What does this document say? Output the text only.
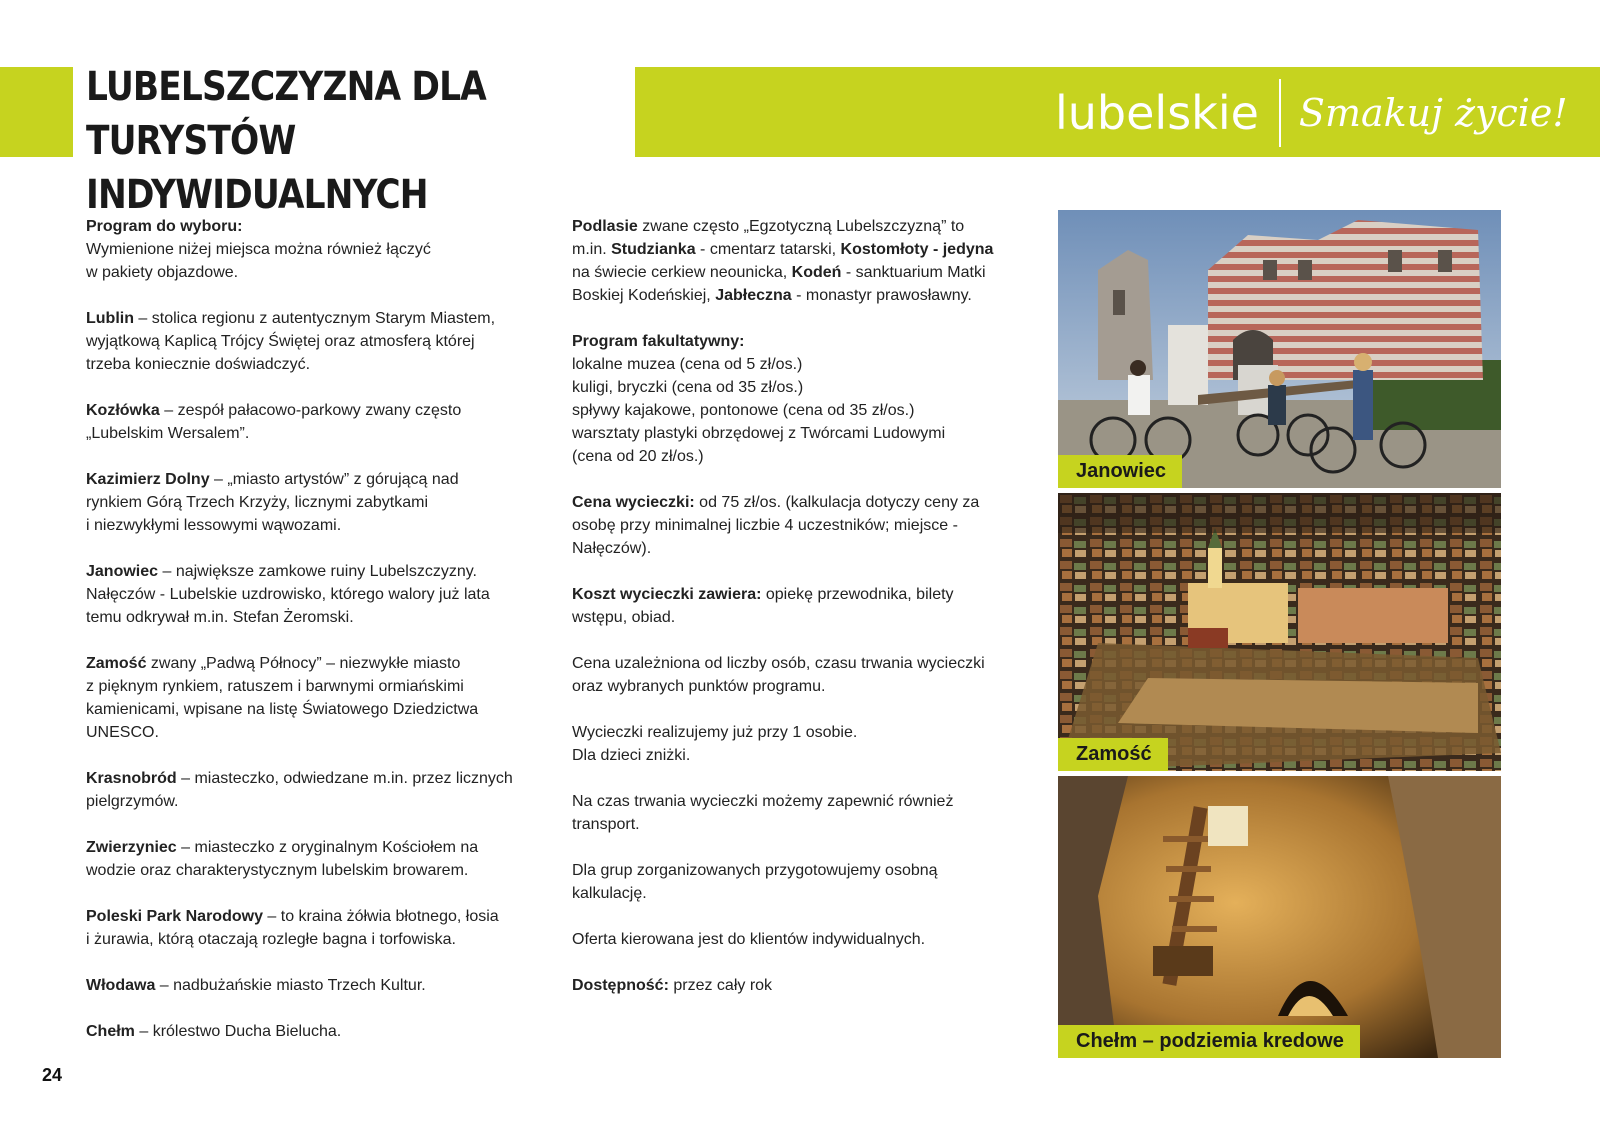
LUBELSZCZYZNA DLA TURYSTÓW
INDYWIDUALNYCH
lubelskie Smakuj życie!

Program do wyboru:
Wymienione niżej miejsca można również łączyć
w pakiety objazdowe.

Lublin – stolica regionu z autentycznym Starym Miastem,
wyjątkową Kaplicą Trójcy Świętej oraz atmosferą której
trzeba koniecznie doświadczyć.

Kozłówka – zespół pałacowo-parkowy zwany często
„Lubelskim Wersalem”.

Kazimierz Dolny – „miasto artystów” z górującą nad
rynkiem Górą Trzech Krzyży, licznymi zabytkami
i niezwykłymi lessowymi wąwozami.

Janowiec – największe zamkowe ruiny Lubelszczyzny.
Nałęczów - Lubelskie uzdrowisko, którego walory już lata
temu odkrywał m.in. Stefan Żeromski.

Zamość zwany „Padwą Północy” – niezwykłe miasto
z pięknym rynkiem, ratuszem i barwnymi ormiańskimi
kamienicami, wpisane na listę Światowego Dziedzictwa
UNESCO.

Krasnobród – miasteczko, odwiedzane m.in. przez licznych
pielgrzymów.

Zwierzyniec – miasteczko z oryginalnym Kościołem na
wodzie oraz charakterystycznym lubelskim browarem.

Poleski Park Narodowy – to kraina żółwia błotnego, łosia
i żurawia, którą otaczają rozległe bagna i torfowiska.

Włodawa – nadbużańskie miasto Trzech Kultur.

Chełm – królestwo Ducha Bielucha.

Podlasie zwane często „Egzotyczną Lubelszczyzną” to
m.in. Studzianka - cmentarz tatarski, Kostomłoty - jedyna
na świecie cerkiew neounicka, Kodeń - sanktuarium Matki
Boskiej Kodeńskiej, Jabłeczna - monastyr prawosławny.

Program fakultatywny:
lokalne muzea (cena od 5 zł/os.)
kuligi, bryczki (cena od 35 zł/os.)
spływy kajakowe, pontonowe (cena od 35 zł/os.)
warsztaty plastyki obrzędowej z Twórcami Ludowymi
(cena od 20 zł/os.)

Cena wycieczki: od 75 zł/os. (kalkulacja dotyczy ceny za
osobę przy minimalnej liczbie 4 uczestników; miejsce -
Nałęczów).

Koszt wycieczki zawiera: opiekę przewodnika, bilety
wstępu, obiad.

Cena uzależniona od liczby osób, czasu trwania wycieczki
oraz wybranych punktów programu.

Wycieczki realizujemy już przy 1 osobie.
Dla dzieci zniżki.

Na czas trwania wycieczki możemy zapewnić również
transport.

Dla grup zorganizowanych przygotowujemy osobną
kalkulację.

Oferta kierowana jest do klientów indywidualnych.

Dostępność: przez cały rok

Janowiec
Zamość
Chełm – podziemia kredowe
24
